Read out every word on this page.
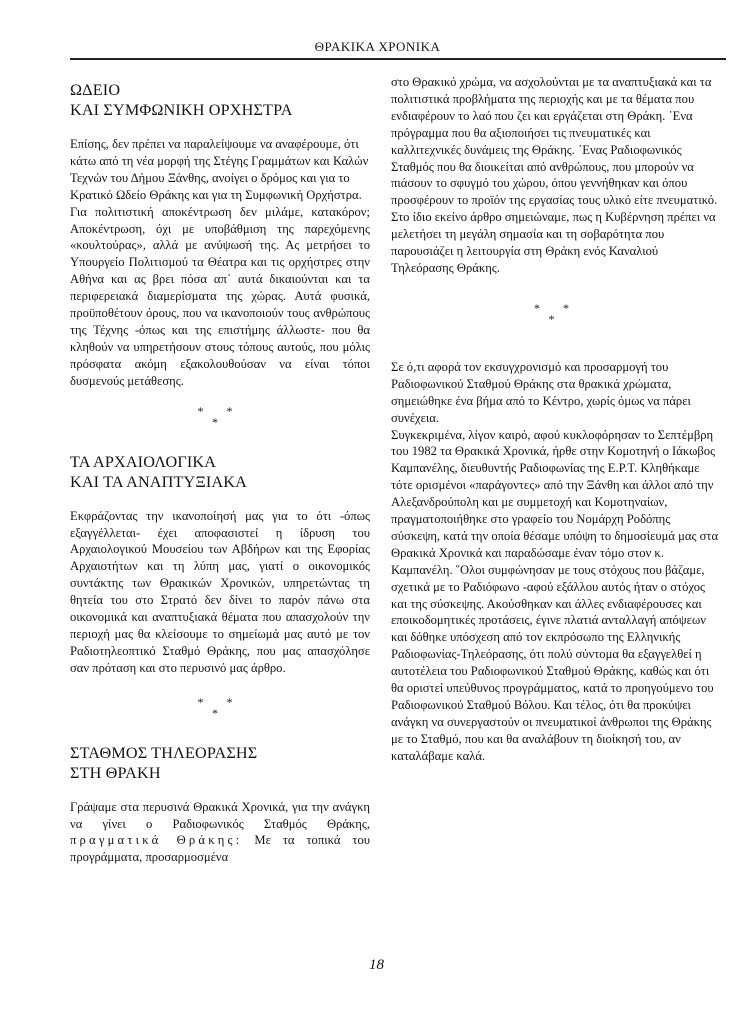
ΘΡΑΚΙΚΑ ΧΡΟΝΙΚΑ
ΩΔΕΙΟ
ΚΑΙ ΣΥΜΦΩΝΙΚΗ ΟΡΧΗΣΤΡΑ

Επίσης, δεν πρέπει να παραλείψουμε να αναφέρουμε, ότι κάτω από τη νέα μορφή της Στέγης Γραμμάτων και Καλών Τεχνών του Δήμου Ξάνθης, ανοίγει ο δρόμος και για το Κρατικό Ωδείο Θράκης και για τη Συμφωνική Ορχήστρα.

Για πολιτιστική αποκέντρωση δεν μιλάμε, κατακόρον; Αποκέντρωση, όχι με υποβάθμιση της παρεχόμενης «κουλτούρας», αλλά με ανύψωσή της. Ας μετρήσει το Υπουργείο Πολιτισμού τα Θέατρα και τις ορχήστρες στην Αθήνα και ας βρει πόσα απ᾿ αυτά δικαιούνται και τα περιφερειακά διαμερίσματα της χώρας. Αυτά φυσικά, προϋποθέτουν όρους, που να ικανοποιούν τους ανθρώπους της Τέχνης -όπως και της επιστήμης άλλωστε- που θα κληθούν να υπηρετήσουν στους τόπους αυτούς, που μόλις πρόσφατα ακόμη εξακολουθούσαν να είναι τόποι δυσμενούς μετάθεσης.

* *
*
ΤΑ ΑΡΧΑΙΟΛΟΓΙΚΑ
ΚΑΙ ΤΑ ΑΝΑΠΤΥΞΙΑΚΑ

Εκφράζοντας την ικανοποίησή μας για το ότι -όπως εξαγγέλλεται- έχει αποφασιστεί η ίδρυση του Αρχαιολογικού Μουσείου των Αβδήρων και της Εφορίας Αρχαιοτήτων και τη λύπη μας, γιατί ο οικονομικός συντάκτης των Θρακικών Χρονικών, υπηρετώντας τη θητεία του στο Στρατό δεν δίνει το παρόν πάνω στα οικονομικά και αναπτυξιακά θέματα που απασχολούν την περιοχή μας θα κλείσουμε το σημείωμά μας αυτό με τον Ραδιοτηλεοπτικό Σταθμό Θράκης, που μας απασχόλησε σαν πρόταση και στο περυσινό μας άρθρο.

* *
*
ΣΤΑΘΜΟΣ ΤΗΛΕΟΡΑΣΗΣ
ΣΤΗ ΘΡΑΚΗ

Γράψαμε στα περυσινά Θρακικά Χρονικά, για την ανάγκη να γίνει ο Ραδιοφωνικός Σταθμός Θράκης, πραγματικά Θράκης: Με τα τοπικά του προγράμματα, προσαρμοσμένα

στο Θρακικό χρώμα, να ασχολούνται με τα αναπτυξιακά και τα πολιτιστικά προβλήματα της περιοχής και με τα θέματα που ενδιαφέρουν το λαό που ζει και εργάζεται στη Θράκη. ᾿Ενα πρόγραμμα που θα αξιοποιήσει τις πνευματικές και καλλιτεχνικές δυνάμεις της Θράκης. ᾿Ενας Ραδιοφωνικός Σταθμός που θα διοικείται από ανθρώπους, που μπορούν να πιάσουν το σφυγμό του χώρου, όπου γεννήθηκαν και όπου προσφέρουν το προϊόν της εργασίας τους υλικό είτε πνευματικό.

Στο ίδιο εκείνο άρθρο σημειώναμε, πως η Κυβέρνηση πρέπει να μελετήσει τη μεγάλη σημασία και τη σοβαρότητα που παρουσιάζει η λειτουργία στη Θράκη ενός Καναλιού Τηλεόρασης Θράκης.

* *
*

Σε ό,τι αφορά τον εκσυγχρονισμό και προσαρμογή του Ραδιοφωνικού Σταθμού Θράκης στα θρακικά χρώματα, σημειώθηκε ένα βήμα από το Κέντρο, χωρίς όμως να πάρει συνέχεια.

Συγκεκριμένα, λίγον καιρό, αφού κυκλοφόρησαν το Σεπτέμβρη του 1982 τα Θρακικά Χρονικά, ήρθε στην Κομοτηνή ο Ιάκωβος Καμπανέλης, διευθυντής Ραδιοφωνίας της Ε.Ρ.Τ. Κληθήκαμε τότε ορισμένοι «παράγοντες» από την Ξάνθη και άλλοι από την Αλεξανδρούπολη και με συμμετοχή και Κομοτηναίων, πραγματοποιήθηκε στο γραφείο του Νομάρχη Ροδόπης σύσκεψη, κατά την οποία θέσαμε υπόψη το δημοσίευμά μας στα Θρακικά Χρονικά και παραδώσαμε έναν τόμο στον κ. Καμπανέλη. ῞Ολοι συμφώνησαν με τους στόχους που βάζαμε, σχετικά με το Ραδιόφωνο -αφού εξάλλου αυτός ήταν ο στόχος και της σύσκεψης. Ακούσθηκαν και άλλες ενδιαφέρουσες και εποικοδομητικές προτάσεις, έγινε πλατιά ανταλλαγή απόψεων και δόθηκε υπόσχεση από τον εκπρόσωπο της Ελληνικής Ραδιοφωνίας-Τηλεόρασης, ότι πολύ σύντομα θα εξαγγελθεί η αυτοτέλεια του Ραδιοφωνικού Σταθμού Θράκης, καθώς και ότι θα οριστεί υπεύθυνος προγράμματος, κατά το προηγούμενο του Ραδιοφωνικού Σταθμού Βόλου. Και τέλος, ότι θα προκύψει ανάγκη να συνεργαστούν οι πνευματικοί άνθρωποι της Θράκης με το Σταθμό, που και θα αναλάβουν τη διοίκησή του, αν καταλάβαμε καλά.

18
